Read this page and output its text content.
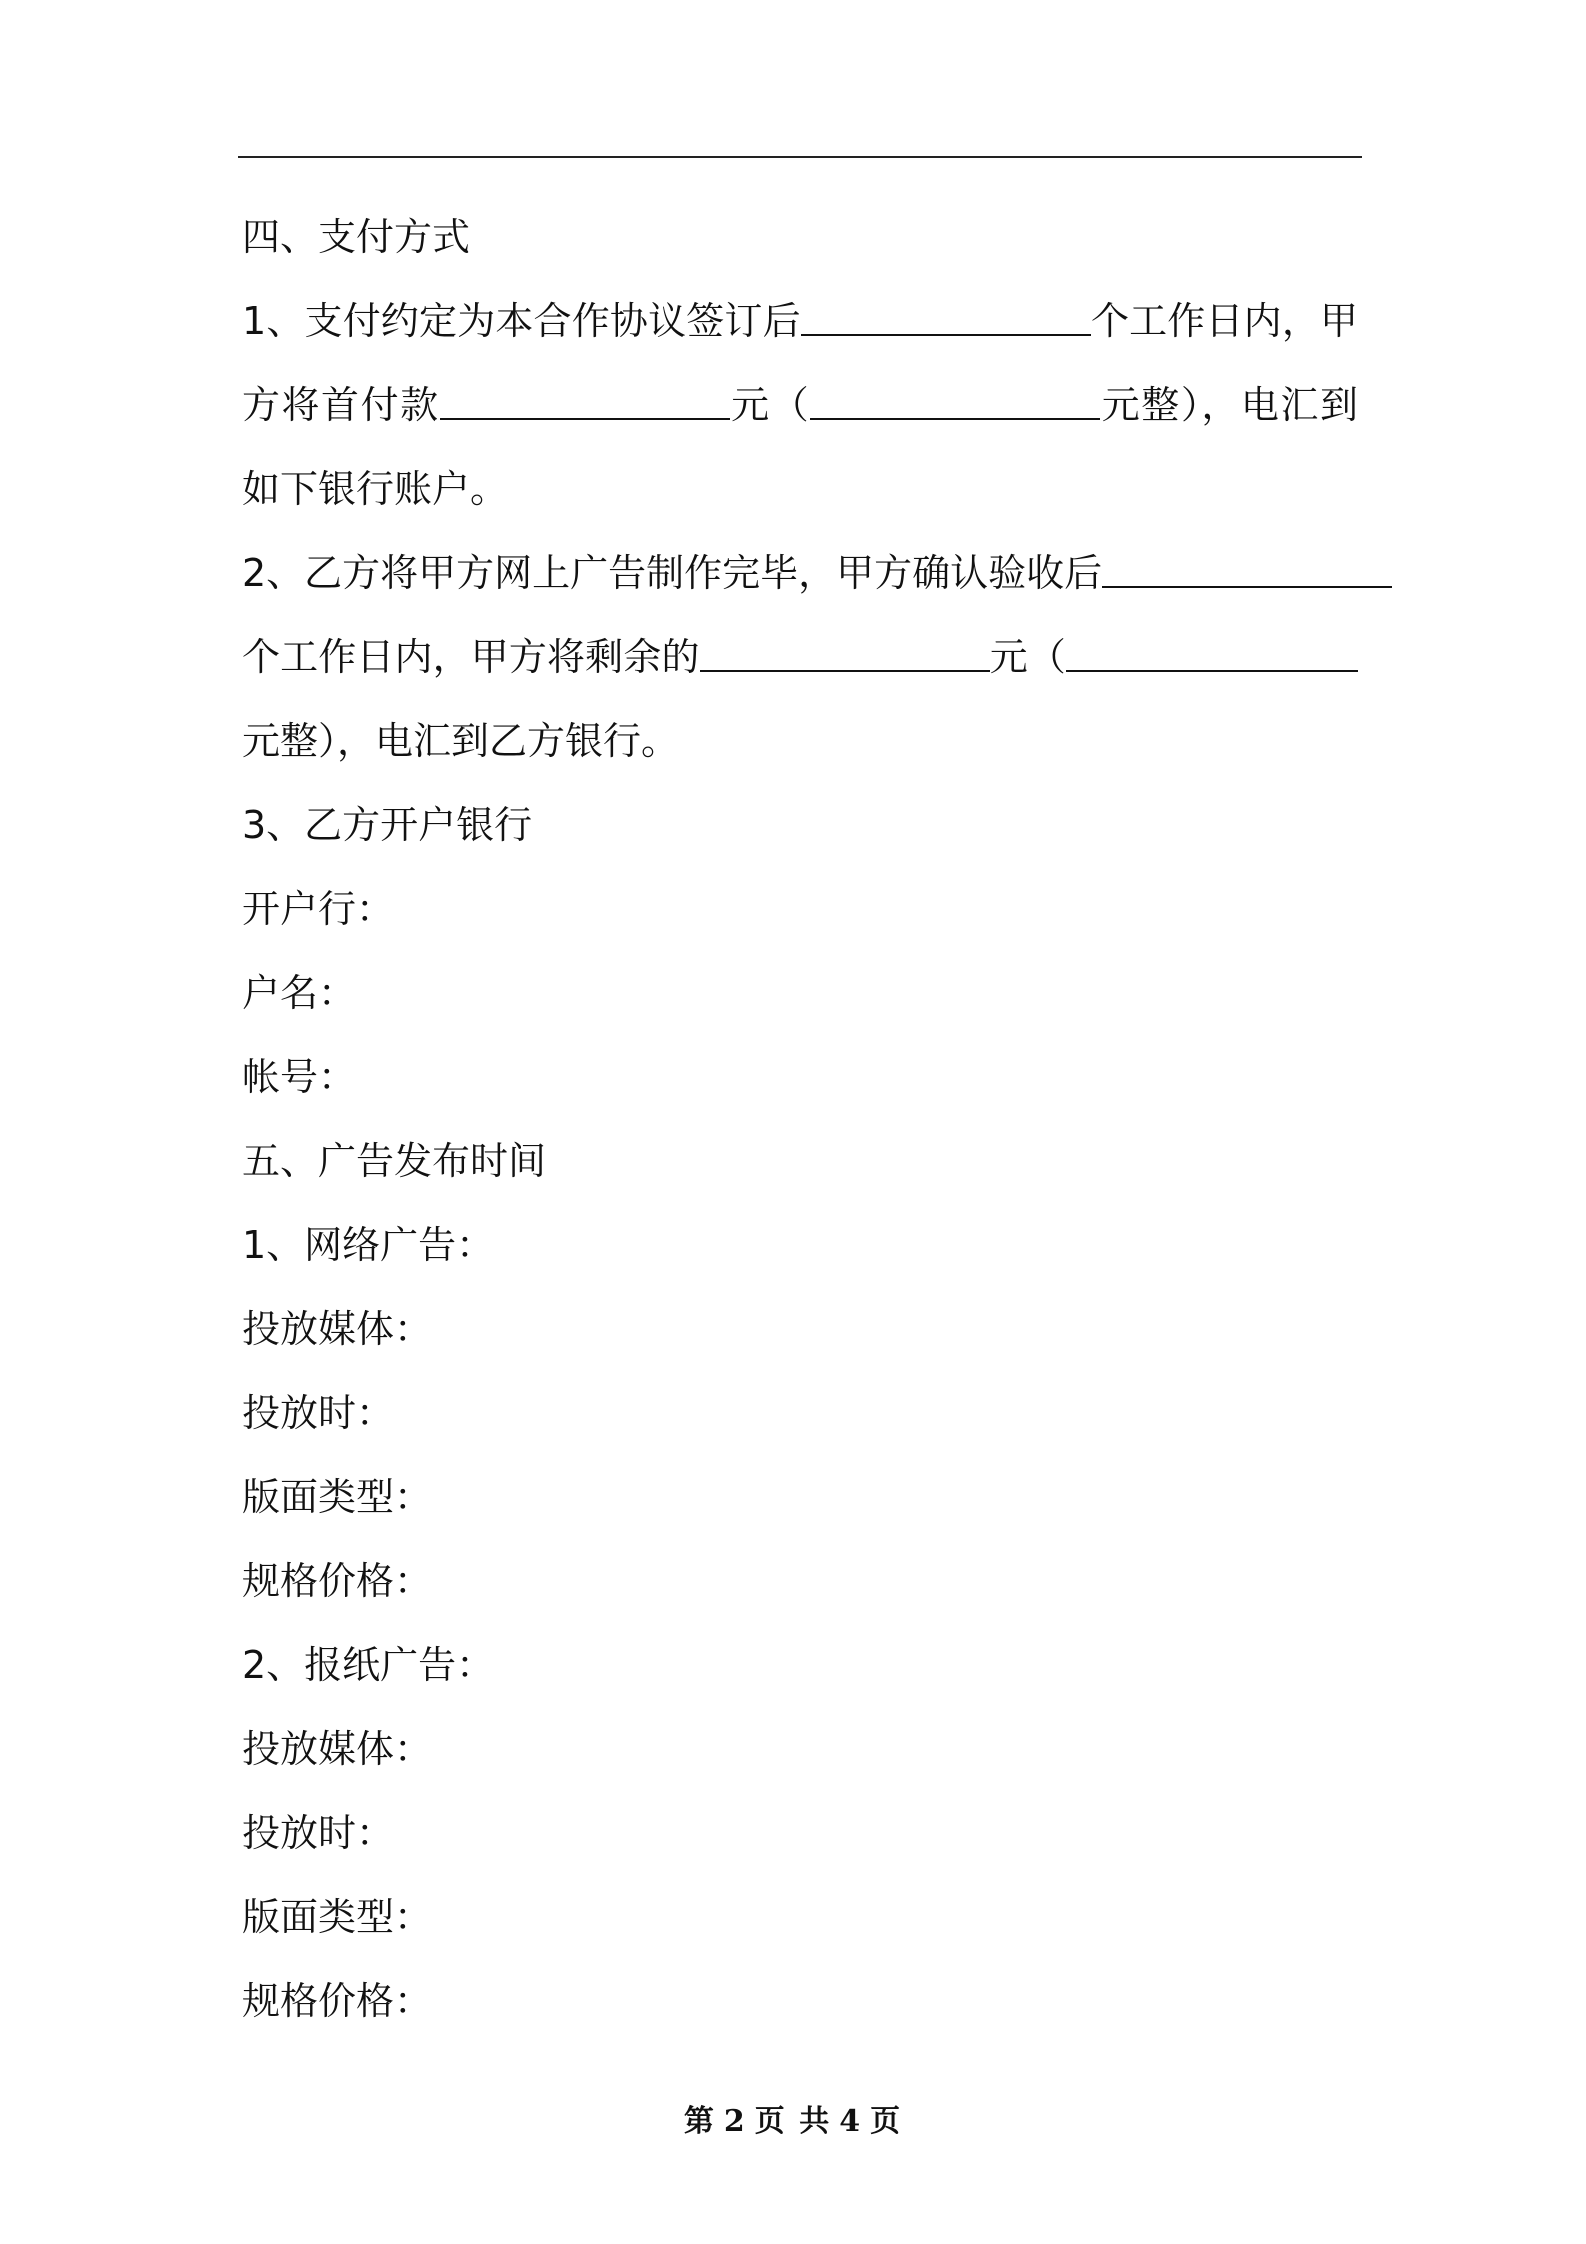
四、支付方式
1、支付约定为本合作协议签订后	个工作日内，甲
方将首付款	元（	元整），电汇到
如下银行账户。
2、乙方将甲方网上广告制作完毕，甲方确认验收后
个工作日内，甲方将剩余的	元（
元整），电汇到乙方银行。
3、乙方开户银行
开户行：
户名：
帐号：
五、广告发布时间
1、网络广告：
投放媒体：
投放时：
版面类型：
规格价格：
2、报纸广告：
投放媒体：
投放时：
版面类型：
规格价格：
第 2 页 共 4 页
